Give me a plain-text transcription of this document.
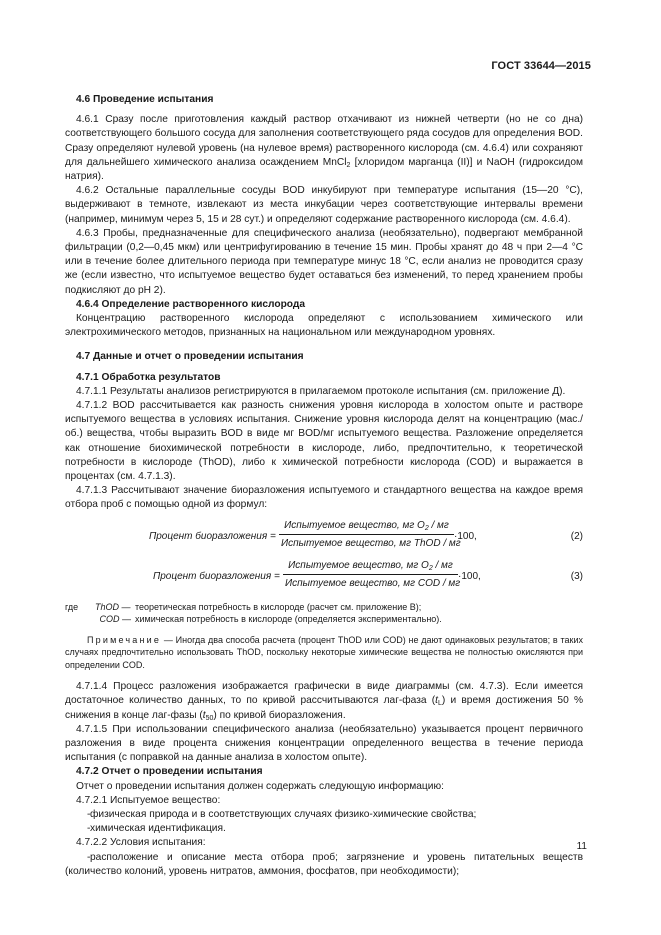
ГОСТ 33644—2015

4.6 Проведение испытания

4.6.1 Сразу после приготовления каждый раствор отхачивают из нижней четверти (но не со дна) соответствующего большого сосуда для заполнения соответствующего ряда сосудов для определения BOD. Сразу определяют нулевой уровень (на нулевое время) растворенного кислорода (см. 4.6.4) или сохраняют для дальнейшего химического анализа осаждением MnCl$_2$ [хлоридом марганца (II)] и NaOH (гидроксидом натрия).

4.6.2 Остальные параллельные сосуды BOD инкубируют при температуре испытания (15—20 °C), выдерживают в темноте, извлекают из места инкубации через соответствующие интервалы времени (например, минимум через 5, 15 и 28 сут.) и определяют содержание растворенного кислорода (см. 4.6.4).

4.6.3 Пробы, предназначенные для специфического анализа (необязательно), подвергают мембранной фильтрации (0,2—0,45 мкм) или центрифугированию в течение 15 мин. Пробы хранят до 48 ч при 2—4 °C или в течение более длительного периода при температуре минус 18 °C, если анализ не проводится сразу же (если известно, что испытуемое вещество будет оставаться без изменений, то перед хранением пробы подкисляют до pH 2).

4.6.4 Определение растворенного кислорода

Концентрацию растворенного кислорода определяют с использованием химического или электрохимического методов, признанных на национальном или международном уровнях.

4.7 Данные и отчет о проведении испытания

4.7.1 Обработка результатов

4.7.1.1 Результаты анализов регистрируются в прилагаемом протоколе испытания (см. приложение Д).

4.7.1.2 BOD рассчитывается как разность снижения уровня кислорода в холостом опыте и растворе испытуемого вещества в условиях испытания. Снижение уровня кислорода делят на концентрацию (мас./об.) вещества, чтобы выразить BOD в виде мг BOD/мг испытуемого вещества. Разложение определяется как отношение биохимической потребности в кислороде, либо, предпочтительно, к теоретической потребности в кислороде (ThOD), либо к химической потребности кислорода (COD) и выражается в процентах (см. 4.7.1.3).

4.7.1.3 Рассчитывают значение биоразложения испытуемого и стандартного вещества на каждое время отбора проб с помощью одной из формул:

Процент биоразложения =
Испытуемое вещество, мг $O_2$ / мг
Испытуемое вещество, мг ThOD / мг
·100,	(2)
Процент биоразложения =
Испытуемое вещество, мг $O_2$ / мг
Испытуемое вещество, мг COD / мг
·100,	(3)
где	ThOD — теоретическая потребность в кислороде (расчет см. приложение В);
COD — химическая потребность в кислороде (определяется экспериментально).

Примечание — Иногда два способа расчета (процент ThOD или COD) не дают одинаковых результатов; в таких случаях предпочтительно использовать ThOD, поскольку некоторые химические вещества не полностью окисляются при определении COD.

4.7.1.4 Процесс разложения изображается графически в виде диаграммы (см. 4.7.3). Если имеется достаточное количество данных, то по кривой рассчитываются лаг-фаза $(t_L)$ и время достижения 50 % снижения в конце лаг-фазы $(t_{50})$ по кривой биоразложения.

4.7.1.5 При использовании специфического анализа (необязательно) указывается процент первичного разложения в виде процента снижения концентрации определенного вещества в течение периода испытания (с поправкой на данные анализа в холостом опыте).

4.7.2 Отчет о проведении испытания

Отчет о проведении испытания должен содержать следующую информацию:

4.7.2.1 Испытуемое вещество:

-физическая природа и в соответствующих случаях физико-химические свойства;

-химическая идентификация.

4.7.2.2 Условия испытания:

-расположение и описание места отбора проб; загрязнение и уровень питательных веществ (количество колоний, уровень нитратов, аммония, фосфатов, при необходимости);

11
